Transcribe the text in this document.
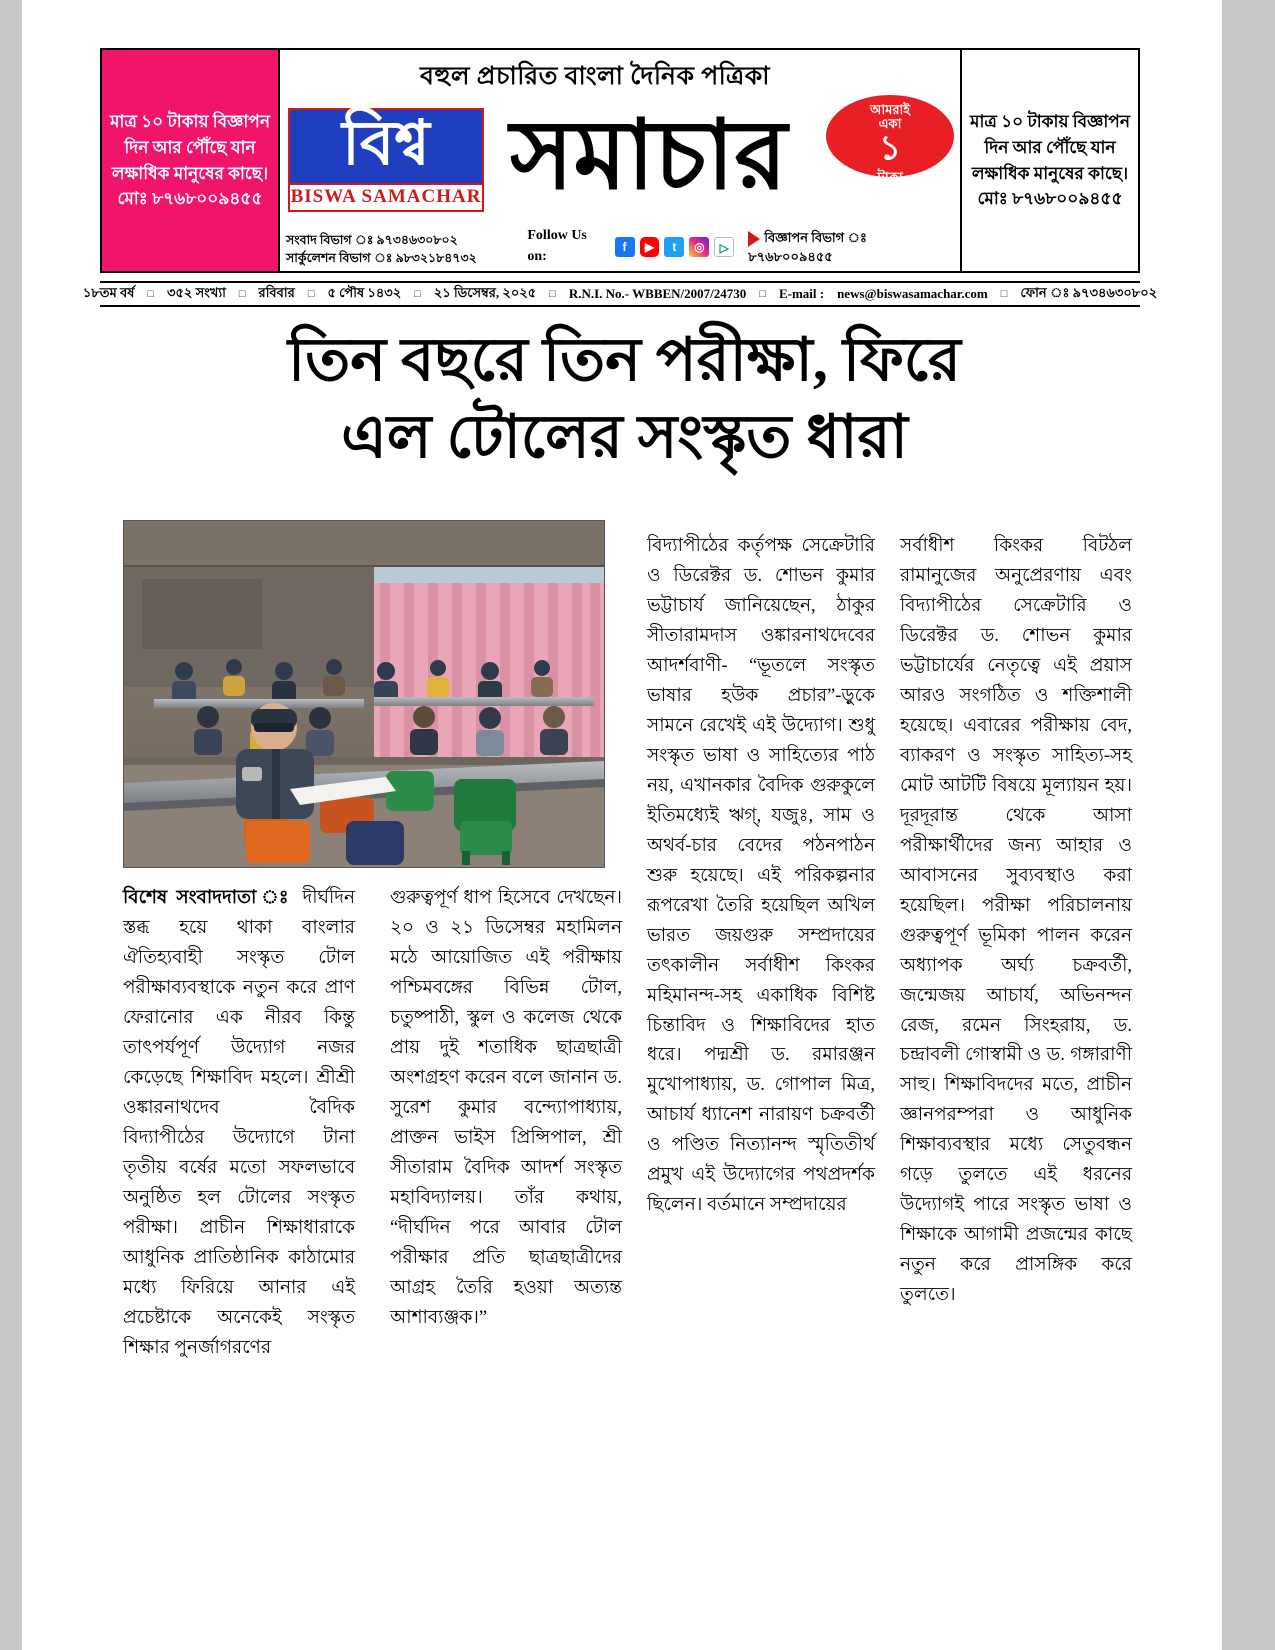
মাত্র ১০ টাকায় বিজ্ঞাপন
দিন আর পৌঁছে যান
লক্ষাধিক মানুষের কাছে।
মোঃ ৮৭৬৮০০৯৪৫৫
বহুল প্রচারিত বাংলা দৈনিক পত্রিকা
বিশ্ব
BISWA SAMACHAR সমাচার	আমরাই
একা
১
টাকা
সংবাদ বিভাগ ঃ ৯৭৩৪৬৩০৮০২
সার্কুলেশন বিভাগ ঃ ৯৮৩২১৮৪৭৩২
Follow Us on:
f	▶	t	◎	▷
বিজ্ঞাপন বিভাগ ঃ ৮৭৬৮০০৯৪৫৫
মাত্র ১০ টাকায় বিজ্ঞাপন
দিন আর পৌঁছে যান
লক্ষাধিক মানুষের কাছে।
মোঃ ৮৭৬৮০০৯৪৫৫
১৮তম বর্ষ □ ৩৫২ সংখ্যা □ রবিবার □ ৫ পৌষ ১৪৩২ □ ২১ ডিসেম্বর, ২০২৫ □ R.N.I. No.- WBBEN/2007/24730 □ E-mail : news@biswasamachar.com □ ফোন ঃ ৯৭৩৪৬৩০৮০২
তিন বছরে তিন পরীক্ষা, ফিরে
এল টোলের সংস্কৃত ধারা

বিশেষ সংবাদদাতা ঃ দীর্ঘদিন স্তব্ধ হয়ে থাকা বাংলার ঐতিহ্যবাহী সংস্কৃত টোল পরীক্ষাব্যবস্থাকে নতুন করে প্রাণ ফেরানোর এক নীরব কিন্তু তাৎপর্যপূর্ণ উদ্যোগ নজর কেড়েছে শিক্ষাবিদ মহলে। শ্রীশ্রী ওঙ্কারনাথদেব বৈদিক বিদ্যাপীঠের উদ্যোগে টানা তৃতীয় বর্ষের মতো সফলভাবে অনুষ্ঠিত হল টোলের সংস্কৃত পরীক্ষা। প্রাচীন শিক্ষাধারাকে আধুনিক প্রাতিষ্ঠানিক কাঠামোর মধ্যে ফিরিয়ে আনার এই প্রচেষ্টাকে অনেকেই সংস্কৃত শিক্ষার পুনর্জাগরণের

গুরুত্বপূর্ণ ধাপ হিসেবে দেখছেন। ২০ ও ২১ ডিসেম্বর মহামিলন মঠে আয়োজিত এই পরীক্ষায় পশ্চিমবঙ্গের বিভিন্ন টোল, চতুষ্পাঠী, স্কুল ও কলেজ থেকে প্রায় দুই শতাধিক ছাত্রছাত্রী অংশগ্রহণ করেন বলে জানান ড. সুরেশ কুমার বন্দ্যোপাধ্যায়, প্রাক্তন ভাইস প্রিন্সিপাল, শ্রী সীতারাম বৈদিক আদর্শ সংস্কৃত মহাবিদ্যালয়। তাঁর কথায়, “দীর্ঘদিন পরে আবার টোল পরীক্ষার প্রতি ছাত্রছাত্রীদের আগ্রহ তৈরি হওয়া অত্যন্ত আশাব্যঞ্জক।”

বিদ্যাপীঠের কর্তৃপক্ষ সেক্রেটারি ও ডিরেক্টর ড. শোভন কুমার ভট্টাচার্য জানিয়েছেন, ঠাকুর সীতারামদাস ওঙ্কারনাথদেবের আদর্শবাণী- “ভূতলে সংস্কৃত ভাষার হউক প্রচার”-ড়ুকে সামনে রেখেই এই উদ্যোগ। শুধু সংস্কৃত ভাষা ও সাহিত্যের পাঠ নয়, এখানকার বৈদিক গুরুকুলে ইতিমধ্যেই ঋগ্, যজুঃ, সাম ও অথর্ব-চার বেদের পঠনপাঠন শুরু হয়েছে। এই পরিকল্পনার রূপরেখা তৈরি হয়েছিল অখিল ভারত জয়গুরু সম্প্রদায়ের তৎকালীন সর্বাধীশ কিংকর মহিমানন্দ-সহ একাধিক বিশিষ্ট চিন্তাবিদ ও শিক্ষাবিদের হাত ধরে। পদ্মশ্রী ড. রমারঞ্জন মুখোপাধ্যায়, ড. গোপাল মিত্র, আচার্য ধ্যানেশ নারায়ণ চক্রবর্তী ও পণ্ডিত নিত্যানন্দ স্মৃতিতীর্থ প্রমুখ এই উদ্যোগের পথপ্রদর্শক ছিলেন। বর্তমানে সম্প্রদায়ের

সর্বাধীশ কিংকর বিটঠল রামানুজের অনুপ্রেরণায় এবং বিদ্যাপীঠের সেক্রেটারি ও ডিরেক্টর ড. শোভন কুমার ভট্টাচার্যের নেতৃত্বে এই প্রয়াস আরও সংগঠিত ও শক্তিশালী হয়েছে। এবারের পরীক্ষায় বেদ, ব্যাকরণ ও সংস্কৃত সাহিত্য-সহ মোট আটটি বিষয়ে মূল্যায়ন হয়। দূরদূরান্ত থেকে আসা পরীক্ষার্থীদের জন্য আহার ও আবাসনের সুব্যবস্থাও করা হয়েছিল। পরীক্ষা পরিচালনায় গুরুত্বপূর্ণ ভূমিকা পালন করেন অধ্যাপক অর্ঘ্য চক্রবর্তী, জন্মেজয় আচার্য, অভিনন্দন রেজ, রমেন সিংহরায়, ড. চন্দ্রাবলী গোস্বামী ও ড. গঙ্গারাণী সাহু। শিক্ষাবিদদের মতে, প্রাচীন জ্ঞানপরম্পরা ও আধুনিক শিক্ষাব্যবস্থার মধ্যে সেতুবন্ধন গড়ে তুলতে এই ধরনের উদ্যোগই পারে সংস্কৃত ভাষা ও শিক্ষাকে আগামী প্রজন্মের কাছে নতুন করে প্রাসঙ্গিক করে তুলতে।
